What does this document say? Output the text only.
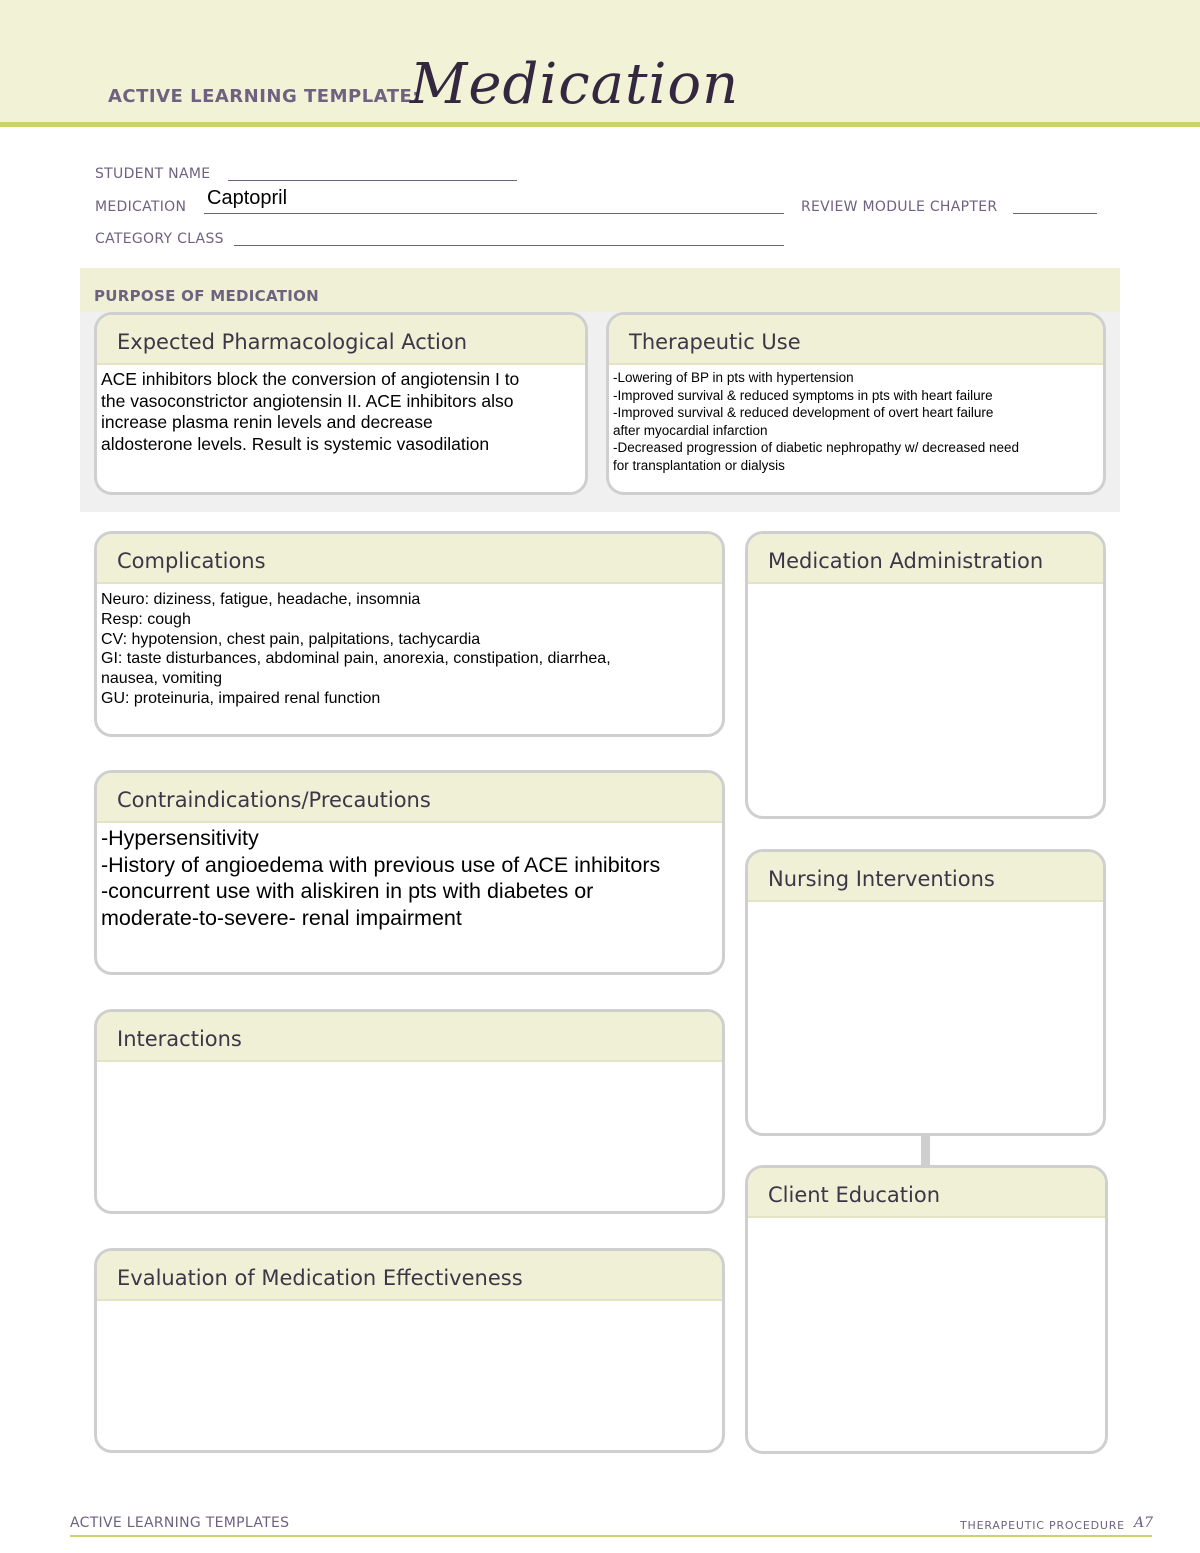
ACTIVE LEARNING TEMPLATE:
Medication
STUDENT NAME
MEDICATION Captopril	REVIEW MODULE CHAPTER
CATEGORY CLASS
PURPOSE OF MEDICATION
Expected Pharmacological Action
ACE inhibitors block the conversion of angiotensin I to
the vasoconstrictor angiotensin II. ACE inhibitors also
increase plasma renin levels and decrease
aldosterone levels. Result is systemic vasodilation
Therapeutic Use
-Lowering of BP in pts with hypertension
-Improved survival & reduced symptoms in pts with heart failure
-Improved survival & reduced development of overt heart failure
after myocardial infarction
-Decreased progression of diabetic nephropathy w/ decreased need
for transplantation or dialysis
Complications
Neuro: diziness, fatigue, headache, insomnia
Resp: cough
CV: hypotension, chest pain, palpitations, tachycardia
GI: taste disturbances, abdominal pain, anorexia, constipation, diarrhea,
nausea, vomiting
GU: proteinuria, impaired renal function
Contraindications/Precautions
-Hypersensitivity
-History of angioedema with previous use of ACE inhibitors
-concurrent use with aliskiren in pts with diabetes or
moderate-to-severe- renal impairment
Interactions
Evaluation of Medication Effectiveness
Medication Administration
Nursing Interventions
Client Education
ACTIVE LEARNING TEMPLATES	THERAPEUTIC PROCEDURE A7
